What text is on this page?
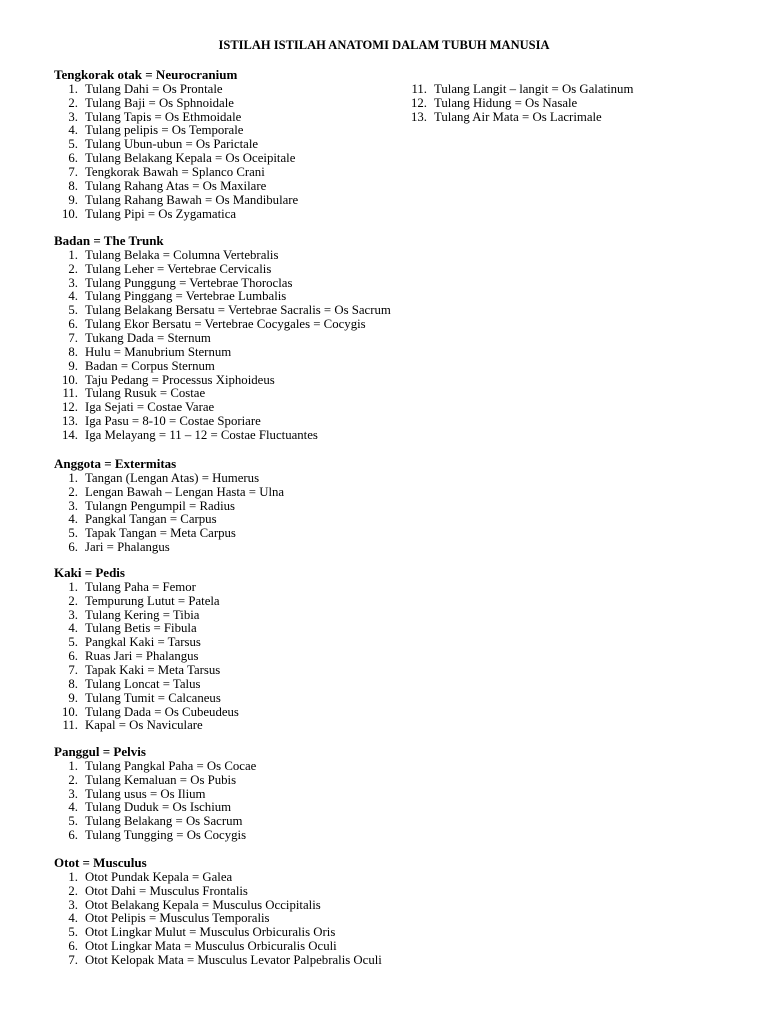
ISTILAH ISTILAH ANATOMI DALAM TUBUH MANUSIA
Tengkorak otak = Neurocranium
1. Tulang Dahi = Os Prontale
2. Tulang Baji = Os Sphnoidale
3. Tulang Tapis = Os Ethmoidale
4. Tulang pelipis = Os Temporale
5. Tulang Ubun-ubun = Os Parictale
6. Tulang Belakang Kepala = Os Oceipitale
7. Tengkorak Bawah = Splanco Crani
8. Tulang Rahang Atas = Os Maxilare
9. Tulang Rahang Bawah = Os Mandibulare
10. Tulang Pipi = Os Zygamatica
11. Tulang Langit – langit = Os Galatinum
12. Tulang Hidung = Os Nasale
13. Tulang Air Mata = Os Lacrimale
Badan = The Trunk
1. Tulang Belaka = Columna Vertebralis
2. Tulang Leher = Vertebrae Cervicalis
3. Tulang Punggung = Vertebrae Thoroclas
4. Tulang Pinggang = Vertebrae Lumbalis
5. Tulang Belakang Bersatu = Vertebrae Sacralis = Os Sacrum
6. Tulang Ekor Bersatu = Vertebrae Cocygales = Cocygis
7. Tukang Dada = Sternum
8. Hulu = Manubrium Sternum
9. Badan = Corpus Sternum
10. Taju Pedang = Processus Xiphoideus
11. Tulang Rusuk = Costae
12. Iga Sejati = Costae Varae
13. Iga Pasu = 8-10 = Costae Sporiare
14. Iga Melayang = 11 – 12 = Costae Fluctuantes
Anggota = Extermitas
1. Tangan (Lengan Atas) = Humerus
2. Lengan Bawah – Lengan Hasta = Ulna
3. Tulangn Pengumpil = Radius
4. Pangkal Tangan = Carpus
5. Tapak Tangan = Meta Carpus
6. Jari = Phalangus
Kaki = Pedis
1. Tulang Paha = Femor
2. Tempurung Lutut = Patela
3. Tulang Kering = Tibia
4. Tulang Betis = Fibula
5. Pangkal Kaki = Tarsus
6. Ruas Jari = Phalangus
7. Tapak Kaki = Meta Tarsus
8. Tulang Loncat = Talus
9. Tulang Tumit = Calcaneus
10. Tulang Dada = Os Cubeudeus
11. Kapal = Os Naviculare
Panggul = Pelvis
1. Tulang Pangkal Paha = Os Cocae
2. Tulang Kemaluan = Os Pubis
3. Tulang usus = Os Ilium
4. Tulang Duduk = Os Ischium
5. Tulang Belakang = Os Sacrum
6. Tulang Tungging = Os Cocygis
Otot = Musculus
1. Otot Pundak Kepala = Galea
2. Otot Dahi = Musculus Frontalis
3. Otot Belakang Kepala = Musculus Occipitalis
4. Otot Pelipis = Musculus Temporalis
5. Otot Lingkar Mulut = Musculus Orbicuralis Oris
6. Otot Lingkar Mata = Musculus Orbicuralis Oculi
7. Otot Kelopak Mata = Musculus Levator Palpebralis Oculi
